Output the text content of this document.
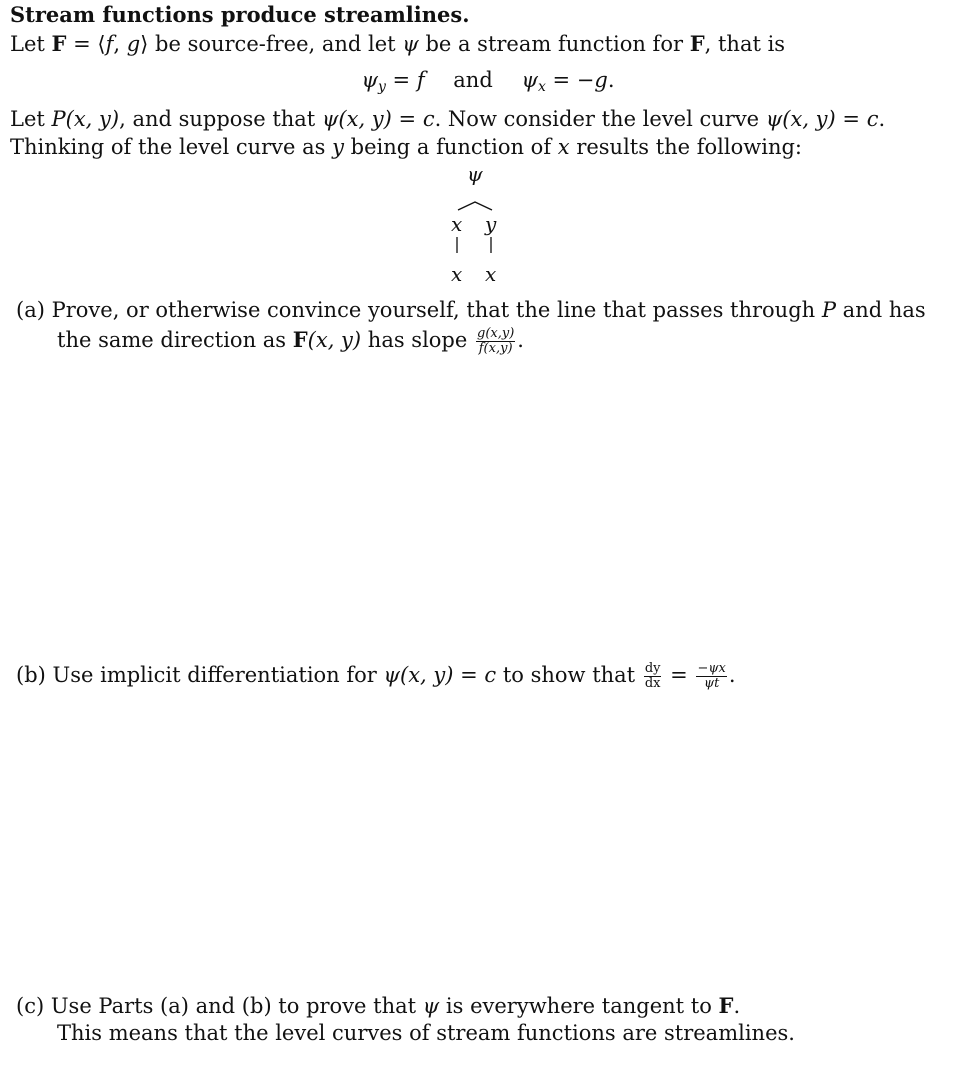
Stream functions produce streamlines.
Let F = ⟨f, g⟩ be source-free, and let ψ be a stream function for F, that is
$\psi_y = f$ and $\psi_x = -g$.
Let P(x, y), and suppose that ψ(x, y) = c. Now consider the level curve ψ(x, y) = c.
Thinking of the level curve as y being a function of x results the following:
ψ
x y
x x
(a) Prove, or otherwise convince yourself, that the line that passes through P and has
the same direction as F(x, y) has slope $\frac{g(x,y)}{f(x,y)}$ .
(b) Use implicit differentiation for ψ(x, y) = c to show that $\frac{dy}{dx} = \frac{-\psi x}{\psi t}$ .
(c) Use Parts (a) and (b) to prove that ψ is everywhere tangent to F.
This means that the level curves of stream functions are streamlines.
